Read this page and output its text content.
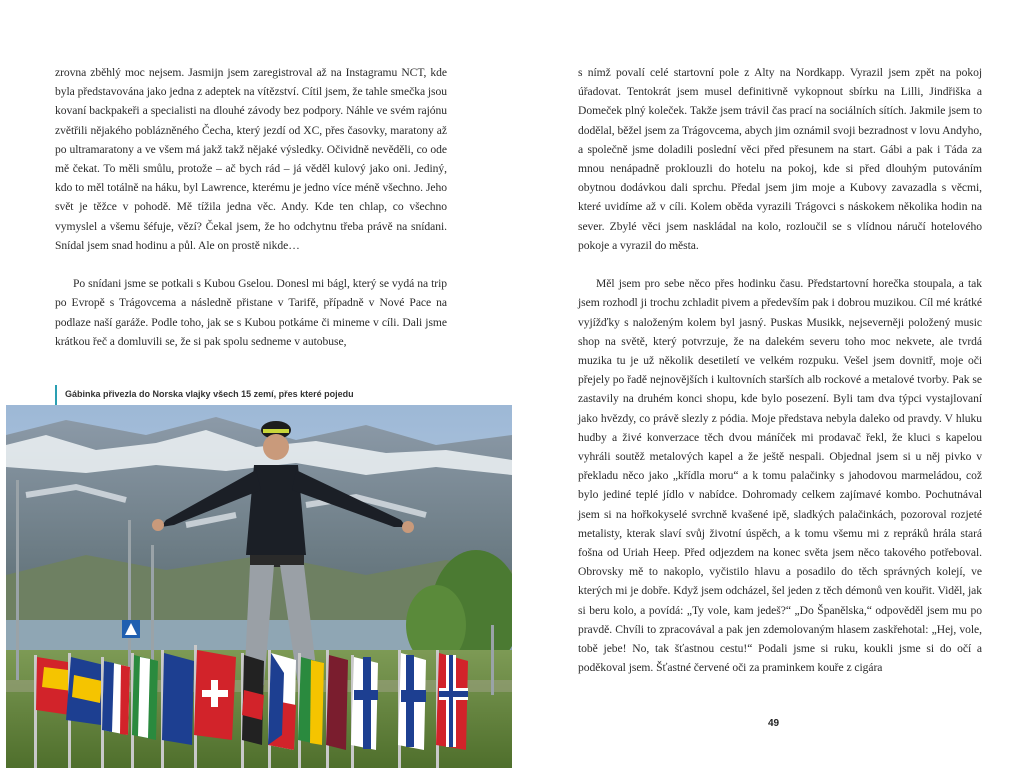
zrovna zběhlý moc nejsem. Jasmijn jsem zaregistroval až na Instagramu NCT, kde byla představována jako jedna z adeptek na vítězství. Cítil jsem, že tahle smečka jsou kovaní backpakeři a specialisti na dlouhé závody bez podpory. Náhle ve svém rajónu zvětřili nějakého poblázněného Čecha, který jezdí od XC, přes časovky, maratony až po ultramaratony a ve všem má jakž takž nějaké výsledky. Očividně nevěděli, co ode mě čekat. To měli smůlu, protože – ač bych rád – já věděl kulový jako oni. Jediný, kdo to měl totálně na háku, byl Lawrence, kterému je jedno více méně všechno. Jeho svět je těžce v pohodě. Mě tížila jedna věc. Andy. Kde ten chlap, co všechno vymyslel a všemu šéfuje, vězí? Čekal jsem, že ho odchytnu třeba právě na snídani. Snídal jsem snad hodinu a půl. Ale on prostě nikde…

Po snídani jsme se potkali s Kubou Gselou. Donesl mi bágl, který se vydá na trip po Evropě s Trágovcema a následně přistane v Tarifě, případně v Nové Pace na podlaze naší garáže. Podle toho, jak se s Kubou potkáme či mineme v cíli. Dali jsme krátkou řeč a domluvili se, že si pak spolu sedneme v autobuse,

Gábinka přivezla do Norska vlajky všech 15 zemí, přes které pojedu

s nímž povalí celé startovní pole z Alty na Nordkapp. Vyrazil jsem zpět na pokoj úřadovat. Tentokrát jsem musel definitivně vykopnout sbírku na Lilli, Jindřiška a Domeček plný koleček. Takže jsem trávil čas prací na sociálních sítích. Jakmile jsem to dodělal, běžel jsem za Trágovcema, abych jim oznámil svoji bezradnost v lovu Andyho, a společně jsme doladili poslední věci před přesunem na start. Gábi a pak i Táda za mnou nenápadně proklouzli do hotelu na pokoj, kde si před dlouhým putováním obytnou dodávkou dali sprchu. Předal jsem jim moje a Kubovy zavazadla s věcmi, které uvidíme až v cíli. Kolem oběda vyrazili Trágovci s náskokem několika hodin na sever. Zbylé věci jsem naskládal na kolo, rozloučil se s vlídnou náručí hotelového pokoje a vyrazil do města.

Měl jsem pro sebe něco přes hodinku času. Předstartovní horečka stoupala, a tak jsem rozhodl ji trochu zchladit pivem a především pak i dobrou muzikou. Cíl mé krátké vyjížďky s naloženým kolem byl jasný. Puskas Musikk, nejseverněji položený music shop na světě, který potvrzuje, že na dalekém severu toho moc nekvete, ale tvrdá muzika tu je už několik desetiletí ve velkém rozpuku. Vešel jsem dovnitř, moje oči přejely po řadě nejnovějších i kultovních starších alb rockové a metalové tvorby. Pak se zastavily na druhém konci shopu, kde bylo posezení. Byli tam dva týpci vystajlovaní jako hvězdy, co právě slezly z pódia. Moje představa nebyla daleko od pravdy. V hluku hudby a živé konverzace těch dvou máníček mi prodavač řekl, že kluci s kapelou vyhráli soutěž metalových kapel a že ještě nespali. Objednal jsem si u něj pivko v překladu něco jako „křídla moru“ a k tomu palačinky s jahodovou marmeládou, což bylo jediné teplé jídlo v nabídce. Dohromady celkem zajímavé kombo. Pochutnával jsem si na hořkokyselé svrchně kvašené ipě, sladkých palačinkách, pozoroval rozjeté metalisty, kterak slaví svůj životní úspěch, a k tomu všemu mi z repráků hrála stará fošna od Uriah Heep. Před odjezdem na konec světa jsem něco takového potřeboval. Obrovsky mě to nakoplo, vyčistilo hlavu a posadilo do těch správných kolejí, ve kterých mi je dobře. Když jsem odcházel, šel jeden z těch démonů ven kouřit. Viděl, jak si beru kolo, a povídá: „Ty vole, kam jedeš?“ „Do Španělska,“ odpověděl jsem mu po pravdě. Chvíli to zpracovával a pak jen zdemolovaným hlasem zaskřehotal: „Hej, vole, tobě jebe! No, tak šťastnou cestu!“ Podali jsme si ruku, koukli jsme si do očí a poděkoval jsem. Šťastné červené oči za praminkem kouře z cigára

49
